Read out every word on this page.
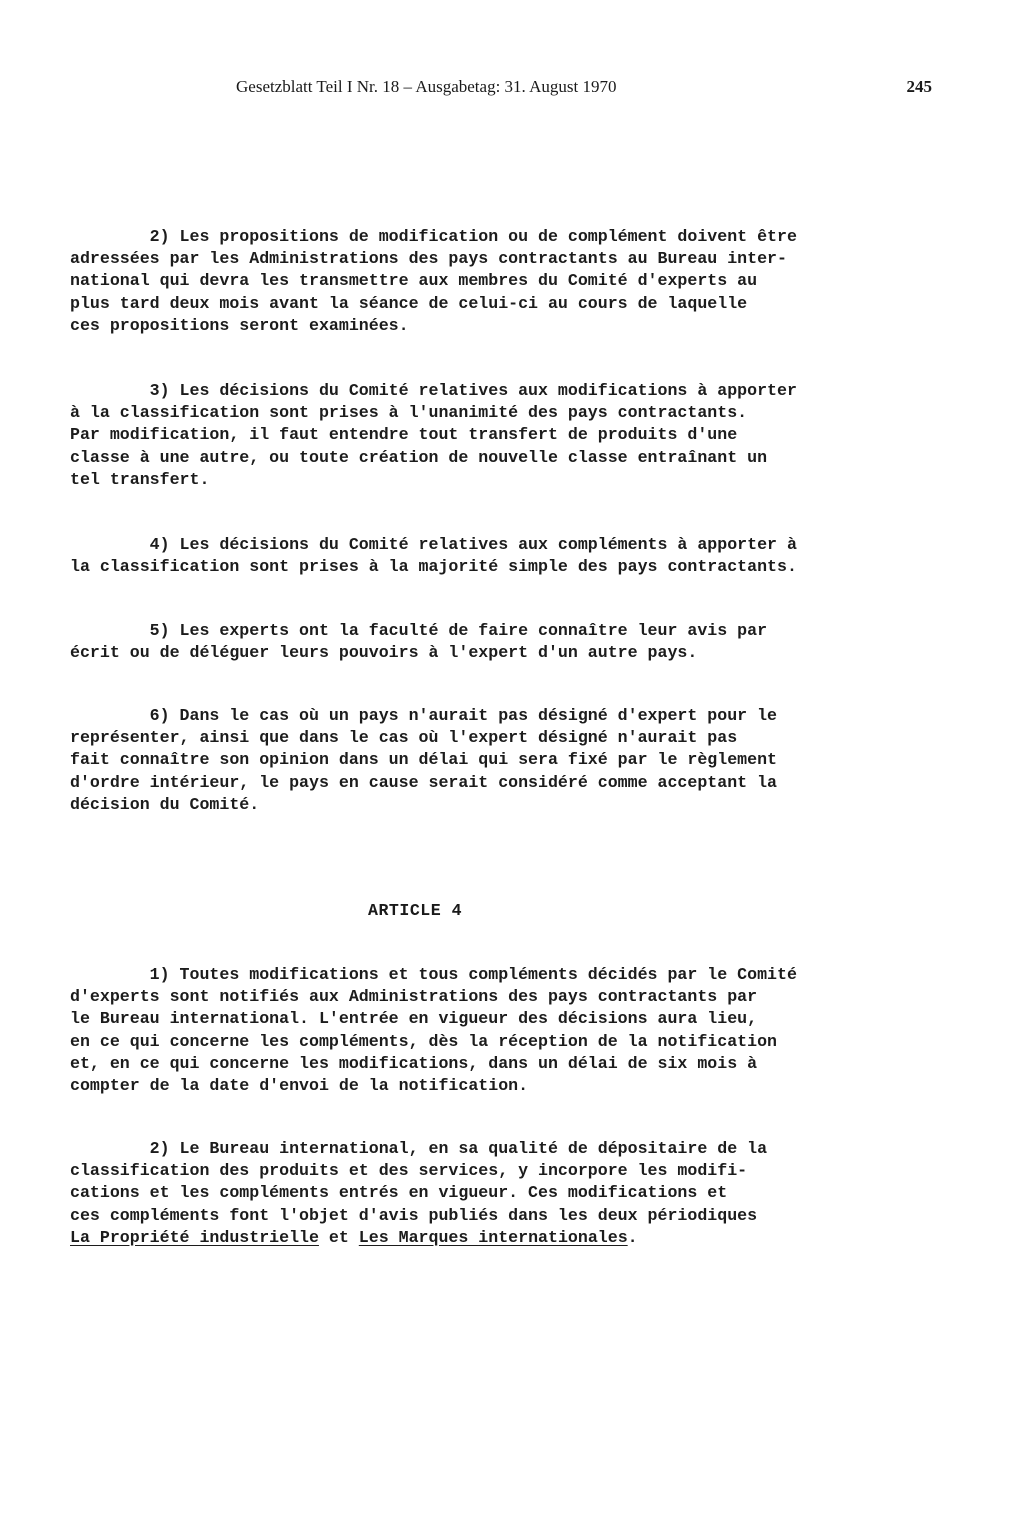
Gesetzblatt Teil I Nr. 18 – Ausgabetag: 31. August 1970	245

2) Les propositions de modification ou de complément doivent être
adressées par les Administrations des pays contractants au Bureau inter-
national qui devra les transmettre aux membres du Comité d'experts au
plus tard deux mois avant la séance de celui-ci au cours de laquelle
ces propositions seront examinées.

3) Les décisions du Comité relatives aux modifications à apporter
à la classification sont prises à l'unanimité des pays contractants.
Par modification, il faut entendre tout transfert de produits d'une
classe à une autre, ou toute création de nouvelle classe entraînant un
tel transfert.

4) Les décisions du Comité relatives aux compléments à apporter à
la classification sont prises à la majorité simple des pays contractants.

5) Les experts ont la faculté de faire connaître leur avis par
écrit ou de déléguer leurs pouvoirs à l'expert d'un autre pays.

6) Dans le cas où un pays n'aurait pas désigné d'expert pour le
représenter, ainsi que dans le cas où l'expert désigné n'aurait pas
fait connaître son opinion dans un délai qui sera fixé par le règlement
d'ordre intérieur, le pays en cause serait considéré comme acceptant la
décision du Comité.

ARTICLE 4

1) Toutes modifications et tous compléments décidés par le Comité
d'experts sont notifiés aux Administrations des pays contractants par
le Bureau international. L'entrée en vigueur des décisions aura lieu,
en ce qui concerne les compléments, dès la réception de la notification
et, en ce qui concerne les modifications, dans un délai de six mois à
compter de la date d'envoi de la notification.

2) Le Bureau international, en sa qualité de dépositaire de la
classification des produits et des services, y incorpore les modifi-
cations et les compléments entrés en vigueur. Ces modifications et
ces compléments font l'objet d'avis publiés dans les deux périodiques
La Propriété industrielle et Les Marques internationales.
